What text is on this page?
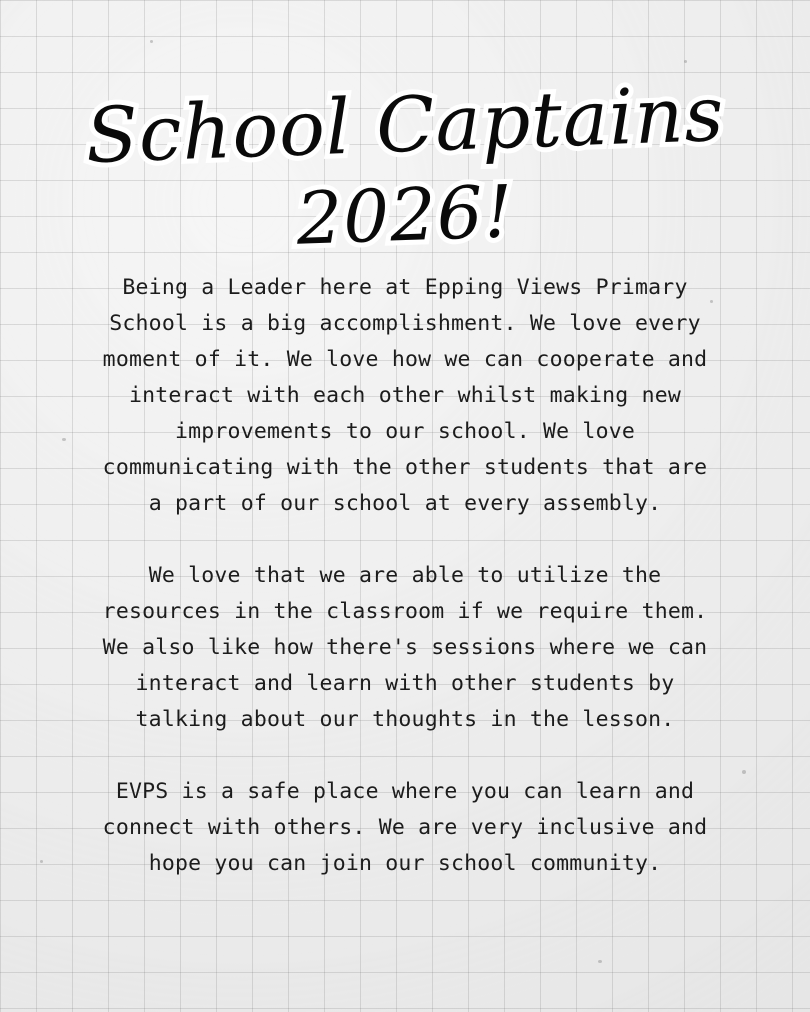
School Captains
2026!

Being a Leader here at Epping Views Primary School is a big accomplishment. We love every moment of it. We love how we can cooperate and interact with each other whilst making new improvements to our school. We love communicating with the other students that are a part of our school at every assembly.

We love that we are able to utilize the resources in the classroom if we require them. We also like how there's sessions where we can interact and learn with other students by talking about our thoughts in the lesson.

EVPS is a safe place where you can learn and connect with others. We are very inclusive and hope you can join our school community.
